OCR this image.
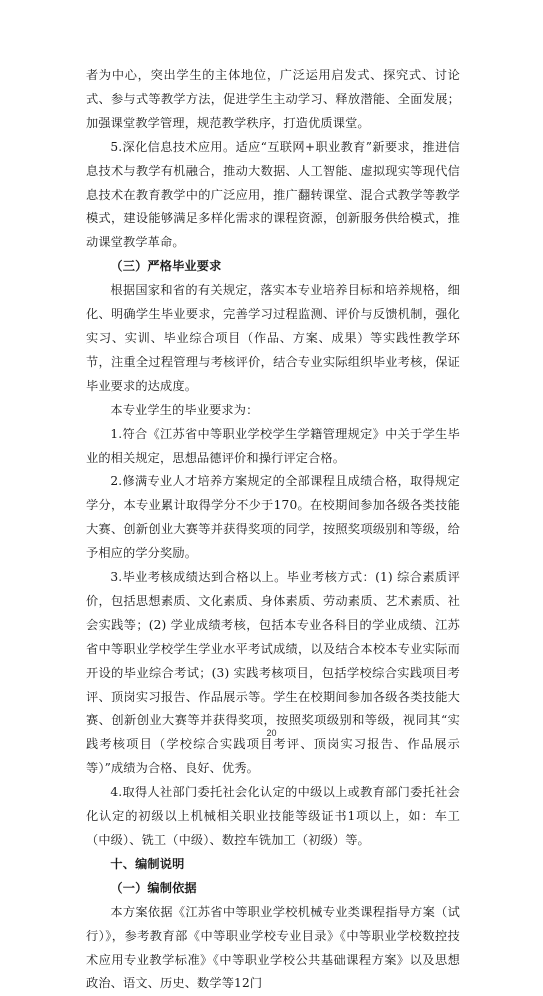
者为中心，突出学生的主体地位，广泛运用启发式、探究式、讨论式、参与式等教学方法，促进学生主动学习、释放潜能、全面发展；加强课堂教学管理，规范教学秩序，打造优质课堂。

5.深化信息技术应用。适应“互联网+职业教育”新要求，推进信息技术与教学有机融合，推动大数据、人工智能、虚拟现实等现代信息技术在教育教学中的广泛应用，推广翻转课堂、混合式教学等教学模式，建设能够满足多样化需求的课程资源，创新服务供给模式，推动课堂教学革命。

（三）严格毕业要求

根据国家和省的有关规定，落实本专业培养目标和培养规格，细化、明确学生毕业要求，完善学习过程监测、评价与反馈机制，强化实习、实训、毕业综合项目（作品、方案、成果）等实践性教学环节，注重全过程管理与考核评价，结合专业实际组织毕业考核，保证毕业要求的达成度。

本专业学生的毕业要求为：

1.符合《江苏省中等职业学校学生学籍管理规定》中关于学生毕业的相关规定，思想品德评价和操行评定合格。

2.修满专业人才培养方案规定的全部课程且成绩合格，取得规定学分，本专业累计取得学分不少于170。在校期间参加各级各类技能大赛、创新创业大赛等并获得奖项的同学，按照奖项级别和等级，给予相应的学分奖励。

3.毕业考核成绩达到合格以上。毕业考核方式：(1) 综合素质评价，包括思想素质、文化素质、身体素质、劳动素质、艺术素质、社会实践等；(2) 学业成绩考核，包括本专业各科目的学业成绩、江苏省中等职业学校学生学业水平考试成绩，以及结合本校本专业实际而开设的毕业综合考试；(3) 实践考核项目，包括学校综合实践项目考评、顶岗实习报告、作品展示等。学生在校期间参加各级各类技能大赛、创新创业大赛等并获得奖项，按照奖项级别和等级，视同其“实践考核项目（学校综合实践项目考评、顶岗实习报告、作品展示等）”成绩为合格、良好、优秀。

4.取得人社部门委托社会化认定的中级以上或教育部门委托社会化认定的初级以上机械相关职业技能等级证书1项以上，如：车工（中级）、铣工（中级）、数控车铣加工（初级）等。

十、编制说明

（一）编制依据

本方案依据《江苏省中等职业学校机械专业类课程指导方案（试行）》，参考教育部《中等职业学校专业目录》《中等职业学校数控技术应用专业教学标准》《中等职业学校公共基础课程方案》以及思想政治、语文、历史、数学等12门

20
